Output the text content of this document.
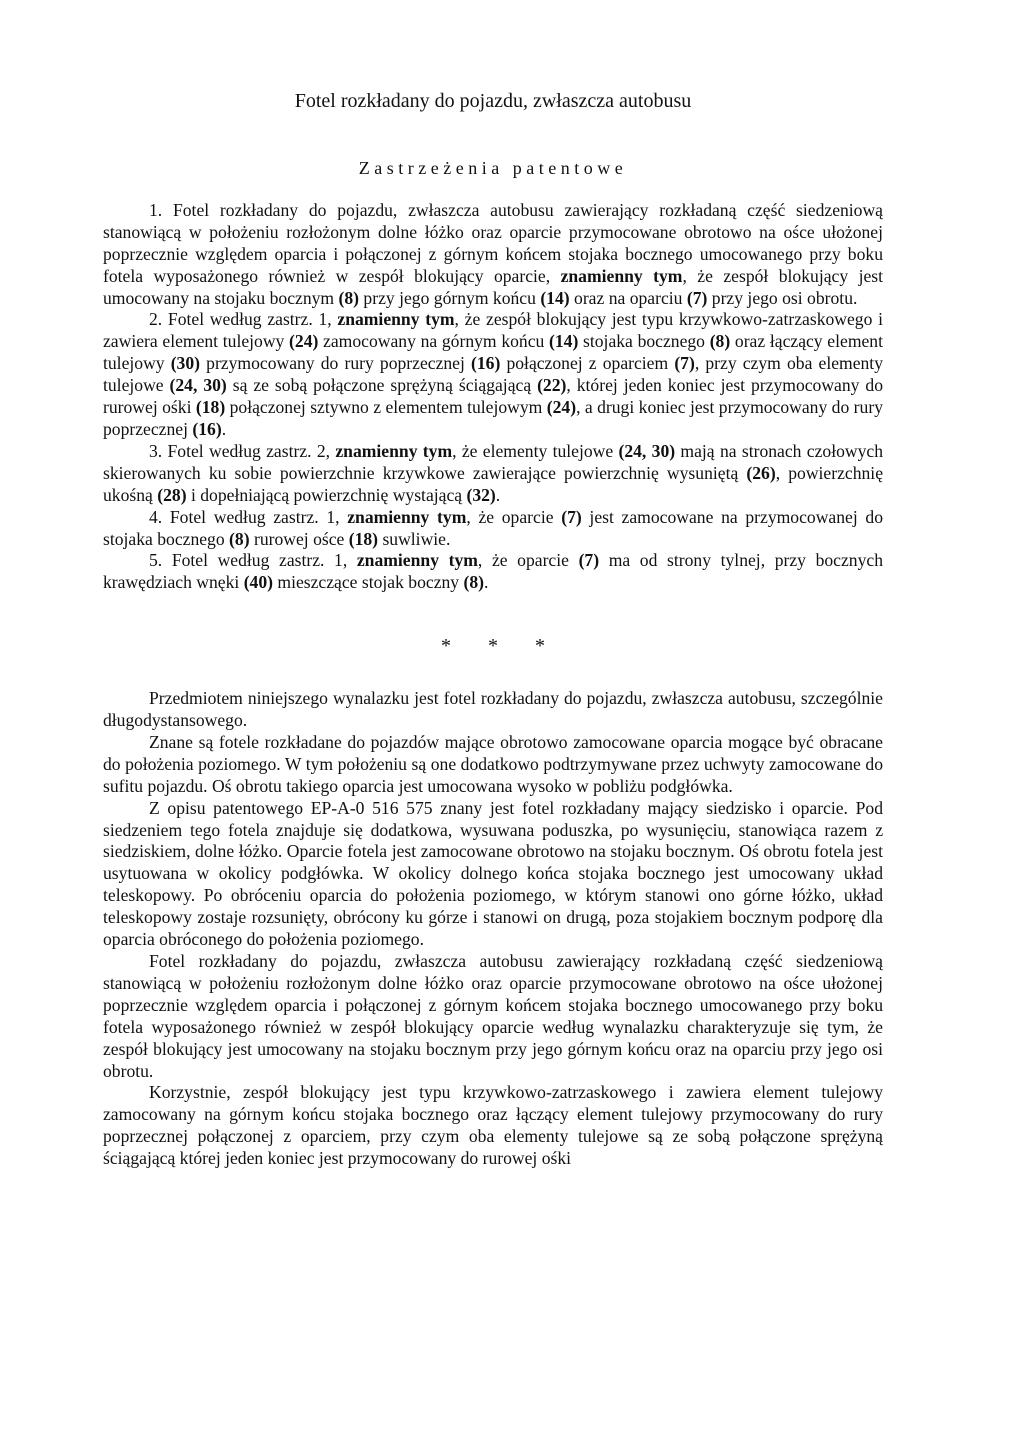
Fotel rozkładany do pojazdu, zwłaszcza autobusu
Zastrzeżenia patentowe

1. Fotel rozkładany do pojazdu, zwłaszcza autobusu zawierający rozkładaną część siedzeniową stanowiącą w położeniu rozłożonym dolne łóżko oraz oparcie przymocowane obrotowo na ośce ułożonej poprzecznie względem oparcia i połączonej z górnym końcem stojaka bocznego umocowanego przy boku fotela wyposażonego również w zespół blokujący oparcie, znamienny tym, że zespół blokujący jest umocowany na stojaku bocznym (8) przy jego górnym końcu (14) oraz na oparciu (7) przy jego osi obrotu.

2. Fotel według zastrz. 1, znamienny tym, że zespół blokujący jest typu krzywkowo-zatrzaskowego i zawiera element tulejowy (24) zamocowany na górnym końcu (14) stojaka bocznego (8) oraz łączący element tulejowy (30) przymocowany do rury poprzecznej (16) połączonej z oparciem (7), przy czym oba elementy tulejowe (24, 30) są ze sobą połączone sprężyną ściągającą (22), której jeden koniec jest przymocowany do rurowej ośki (18) połączonej sztywno z elementem tulejowym (24), a drugi koniec jest przymocowany do rury poprzecznej (16).

3. Fotel według zastrz. 2, znamienny tym, że elementy tulejowe (24, 30) mają na stronach czołowych skierowanych ku sobie powierzchnie krzywkowe zawierające powierzchnię wysuniętą (26), powierzchnię ukośną (28) i dopełniającą powierzchnię wystającą (32).

4. Fotel według zastrz. 1, znamienny tym, że oparcie (7) jest zamocowane na przymocowanej do stojaka bocznego (8) rurowej ośce (18) suwliwie.

5. Fotel według zastrz. 1, znamienny tym, że oparcie (7) ma od strony tylnej, przy bocznych krawędziach wnęki (40) mieszczące stojak boczny (8).

* * *

Przedmiotem niniejszego wynalazku jest fotel rozkładany do pojazdu, zwłaszcza autobusu, szczególnie długodystansowego.

Znane są fotele rozkładane do pojazdów mające obrotowo zamocowane oparcia mogące być obracane do położenia poziomego. W tym położeniu są one dodatkowo podtrzymywane przez uchwyty zamocowane do sufitu pojazdu. Oś obrotu takiego oparcia jest umocowana wysoko w pobliżu podgłówka.

Z opisu patentowego EP-A-0 516 575 znany jest fotel rozkładany mający siedzisko i oparcie. Pod siedzeniem tego fotela znajduje się dodatkowa, wysuwana poduszka, po wysunięciu, stanowiąca razem z siedziskiem, dolne łóżko. Oparcie fotela jest zamocowane obrotowo na stojaku bocznym. Oś obrotu fotela jest usytuowana w okolicy podgłówka. W okolicy dolnego końca stojaka bocznego jest umocowany układ teleskopowy. Po obróceniu oparcia do położenia poziomego, w którym stanowi ono górne łóżko, układ teleskopowy zostaje rozsunięty, obrócony ku górze i stanowi on drugą, poza stojakiem bocznym podporę dla oparcia obróconego do położenia poziomego.

Fotel rozkładany do pojazdu, zwłaszcza autobusu zawierający rozkładaną część siedzeniową stanowiącą w położeniu rozłożonym dolne łóżko oraz oparcie przymocowane obrotowo na ośce ułożonej poprzecznie względem oparcia i połączonej z górnym końcem stojaka bocznego umocowanego przy boku fotela wyposażonego również w zespół blokujący oparcie według wynalazku charakteryzuje się tym, że zespół blokujący jest umocowany na stojaku bocznym przy jego górnym końcu oraz na oparciu przy jego osi obrotu.

Korzystnie, zespół blokujący jest typu krzywkowo-zatrzaskowego i zawiera element tulejowy zamocowany na górnym końcu stojaka bocznego oraz łączący element tulejowy przymocowany do rury poprzecznej połączonej z oparciem, przy czym oba elementy tulejowe są ze sobą połączone sprężyną ściągającą której jeden koniec jest przymocowany do rurowej ośki
